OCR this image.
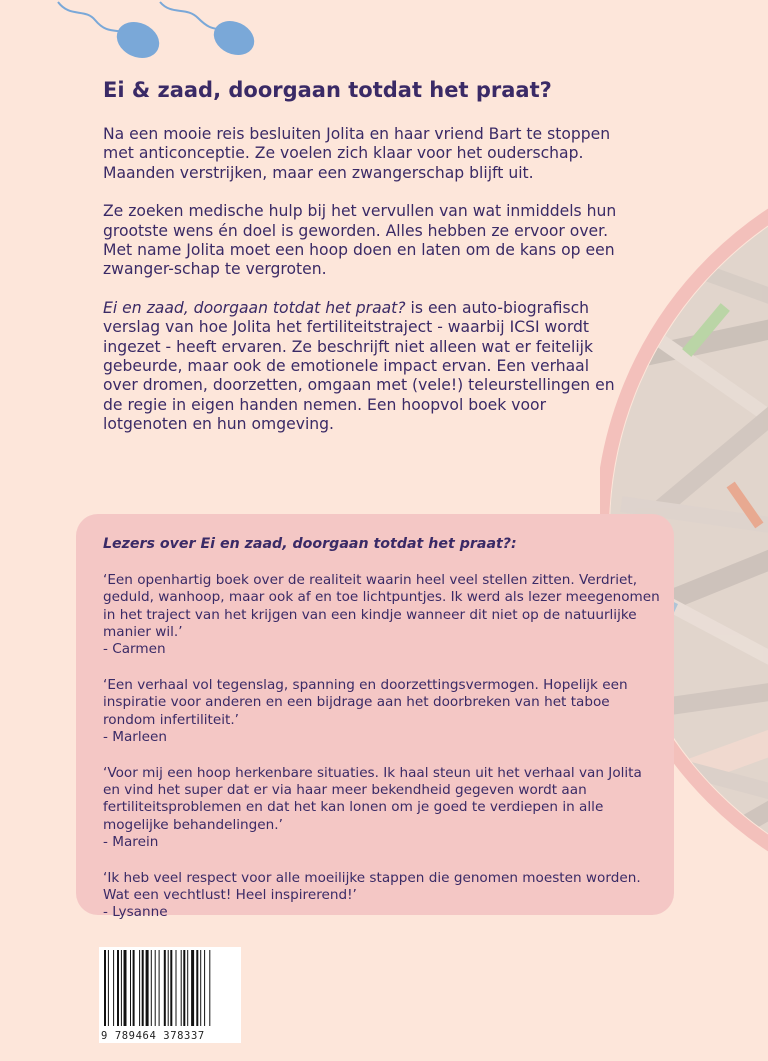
Ei & zaad, doorgaan totdat het praat?

Na een mooie reis besluiten Jolita en haar vriend Bart te stoppen met anticonceptie. Ze voelen zich klaar voor het ouderschap. Maanden verstrijken, maar een zwangerschap blijft uit.

Ze zoeken medische hulp bij het vervullen van wat inmiddels hun grootste wens én doel is geworden. Alles hebben ze ervoor over. Met name Jolita moet een hoop doen en laten om de kans op een zwanger-schap te vergroten.

Ei en zaad, doorgaan totdat het praat? is een auto-biografisch verslag van hoe Jolita het fertiliteitstraject - waarbij ICSI wordt ingezet - heeft ervaren. Ze beschrijft niet alleen wat er feitelijk gebeurde, maar ook de emotionele impact ervan. Een verhaal over dromen, doorzetten, omgaan met (vele!) teleurstellingen en de regie in eigen handen nemen. Een hoopvol boek voor lotgenoten en hun omgeving.

Lezers over Ei en zaad, doorgaan totdat het praat?:
‘Een openhartig boek over de realiteit waarin heel veel stellen zitten. Verdriet, geduld, wanhoop, maar ook af en toe lichtpuntjes. Ik werd als lezer meegenomen in het traject van het krijgen van een kindje wanneer dit niet op de natuurlijke manier wil.’
- Carmen
‘Een verhaal vol tegenslag, spanning en doorzettingsvermogen. Hopelijk een inspiratie voor anderen en een bijdrage aan het doorbreken van het taboe rondom infertiliteit.’
- Marleen
‘Voor mij een hoop herkenbare situaties. Ik haal steun uit het verhaal van Jolita en vind het super dat er via haar meer bekendheid gegeven wordt aan fertiliteitsproblemen en dat het kan lonen om je goed te verdiepen in alle mogelijke behandelingen.’
- Marein
‘Ik heb veel respect voor alle moeilijke stappen die genomen moesten worden. Wat een vechtlust! Heel inspirerend!’
- Lysanne
9 789464 378337
